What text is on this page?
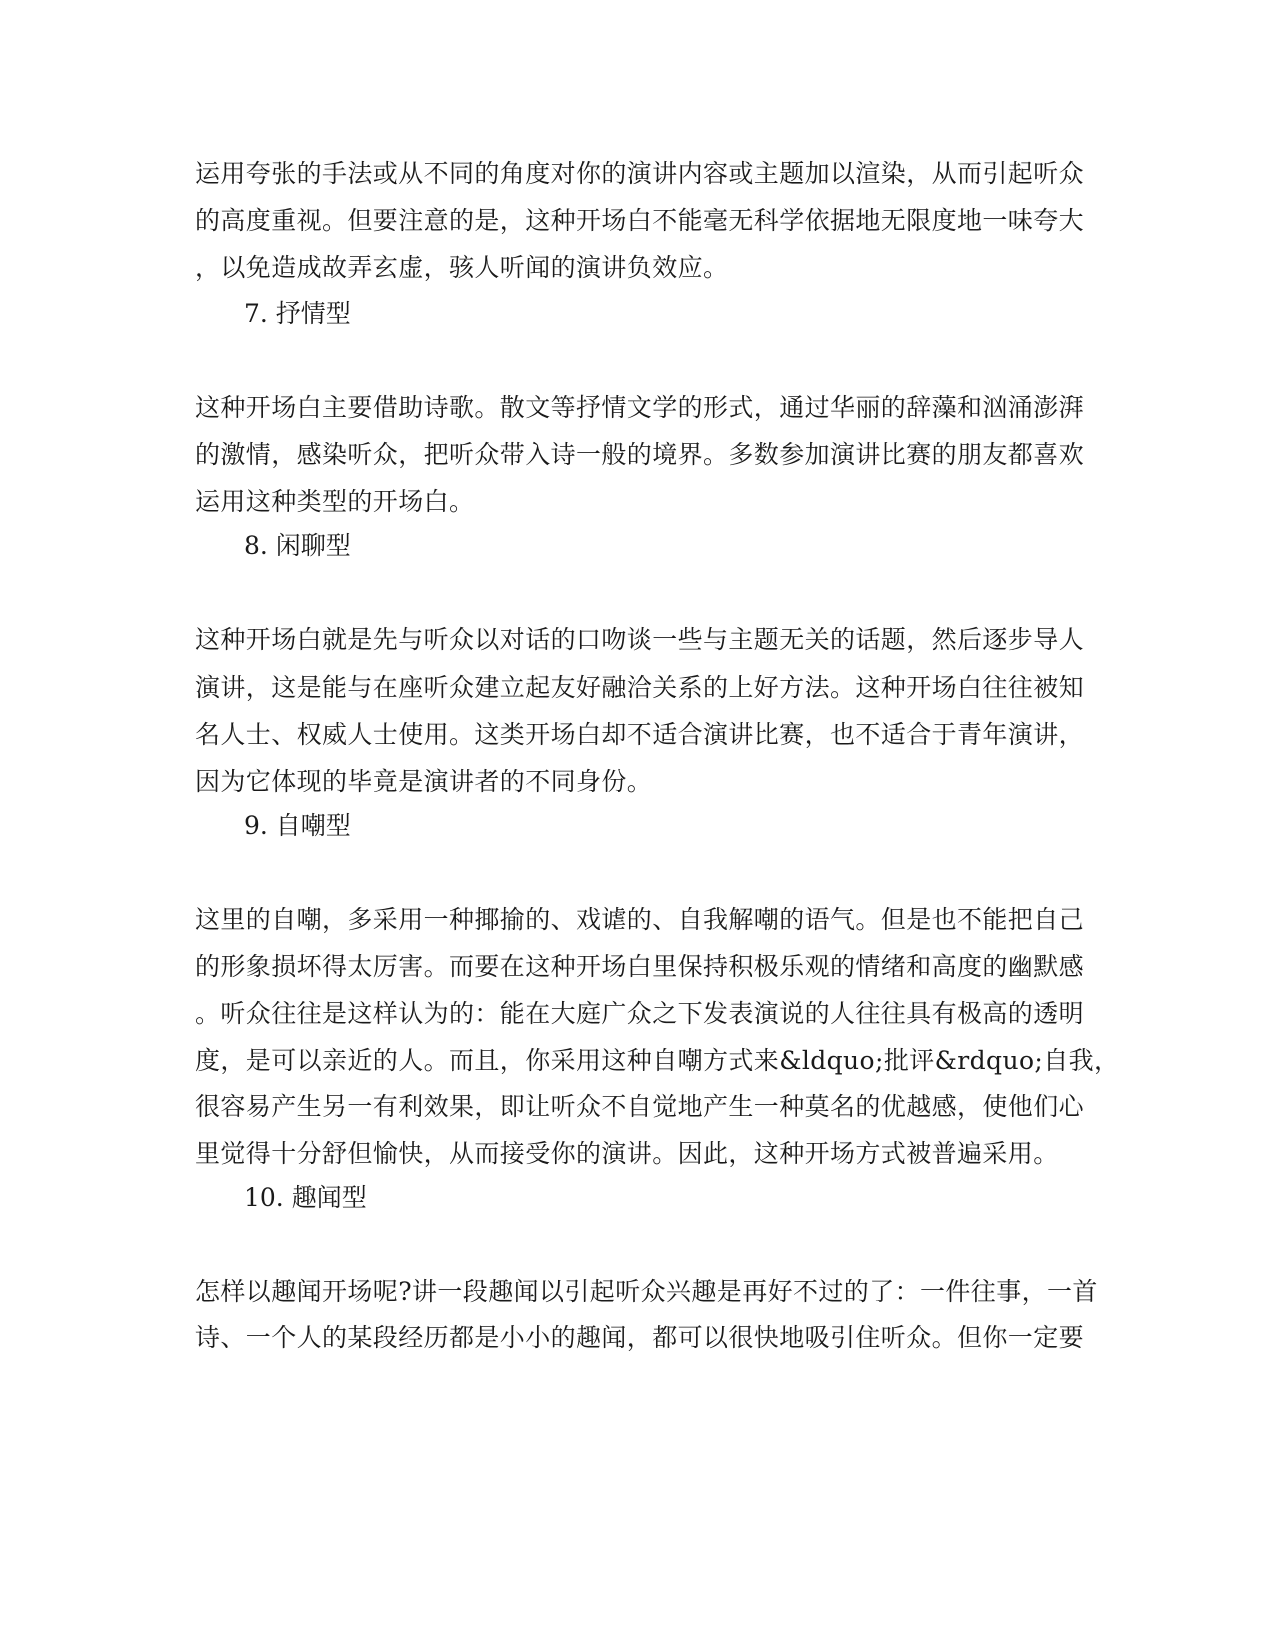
运用夸张的手法或从不同的角度对你的演讲内容或主题加以渲染，从而引起听众
的高度重视。但要注意的是，这种开场白不能毫无科学依据地无限度地一味夸大
，以免造成故弄玄虚，骇人听闻的演讲负效应。
7. 抒情型
这种开场白主要借助诗歌。散文等抒情文学的形式，通过华丽的辞藻和汹涌澎湃
的激情，感染听众，把听众带入诗一般的境界。多数参加演讲比赛的朋友都喜欢
运用这种类型的开场白。
8. 闲聊型
这种开场白就是先与听众以对话的口吻谈一些与主题无关的话题，然后逐步导人
演讲，这是能与在座听众建立起友好融洽关系的上好方法。这种开场白往往被知
名人士、权威人士使用。这类开场白却不适合演讲比赛，也不适合于青年演讲，
因为它体现的毕竟是演讲者的不同身份。
9. 自嘲型
这里的自嘲，多采用一种揶揄的、戏谑的、自我解嘲的语气。但是也不能把自己
的形象损坏得太厉害。而要在这种开场白里保持积极乐观的情绪和高度的幽默感
。听众往往是这样认为的：能在大庭广众之下发表演说的人往往具有极高的透明
度，是可以亲近的人。而且，你采用这种自嘲方式来&ldquo;批评&rdquo;自我，
很容易产生另一有利效果，即让听众不自觉地产生一种莫名的优越感，使他们心
里觉得十分舒但愉快，从而接受你的演讲。因此，这种开场方式被普遍采用。
10. 趣闻型
怎样以趣闻开场呢?讲一段趣闻以引起听众兴趣是再好不过的了：一件往事，一首
诗、一个人的某段经历都是小小的趣闻，都可以很快地吸引住听众。但你一定要
